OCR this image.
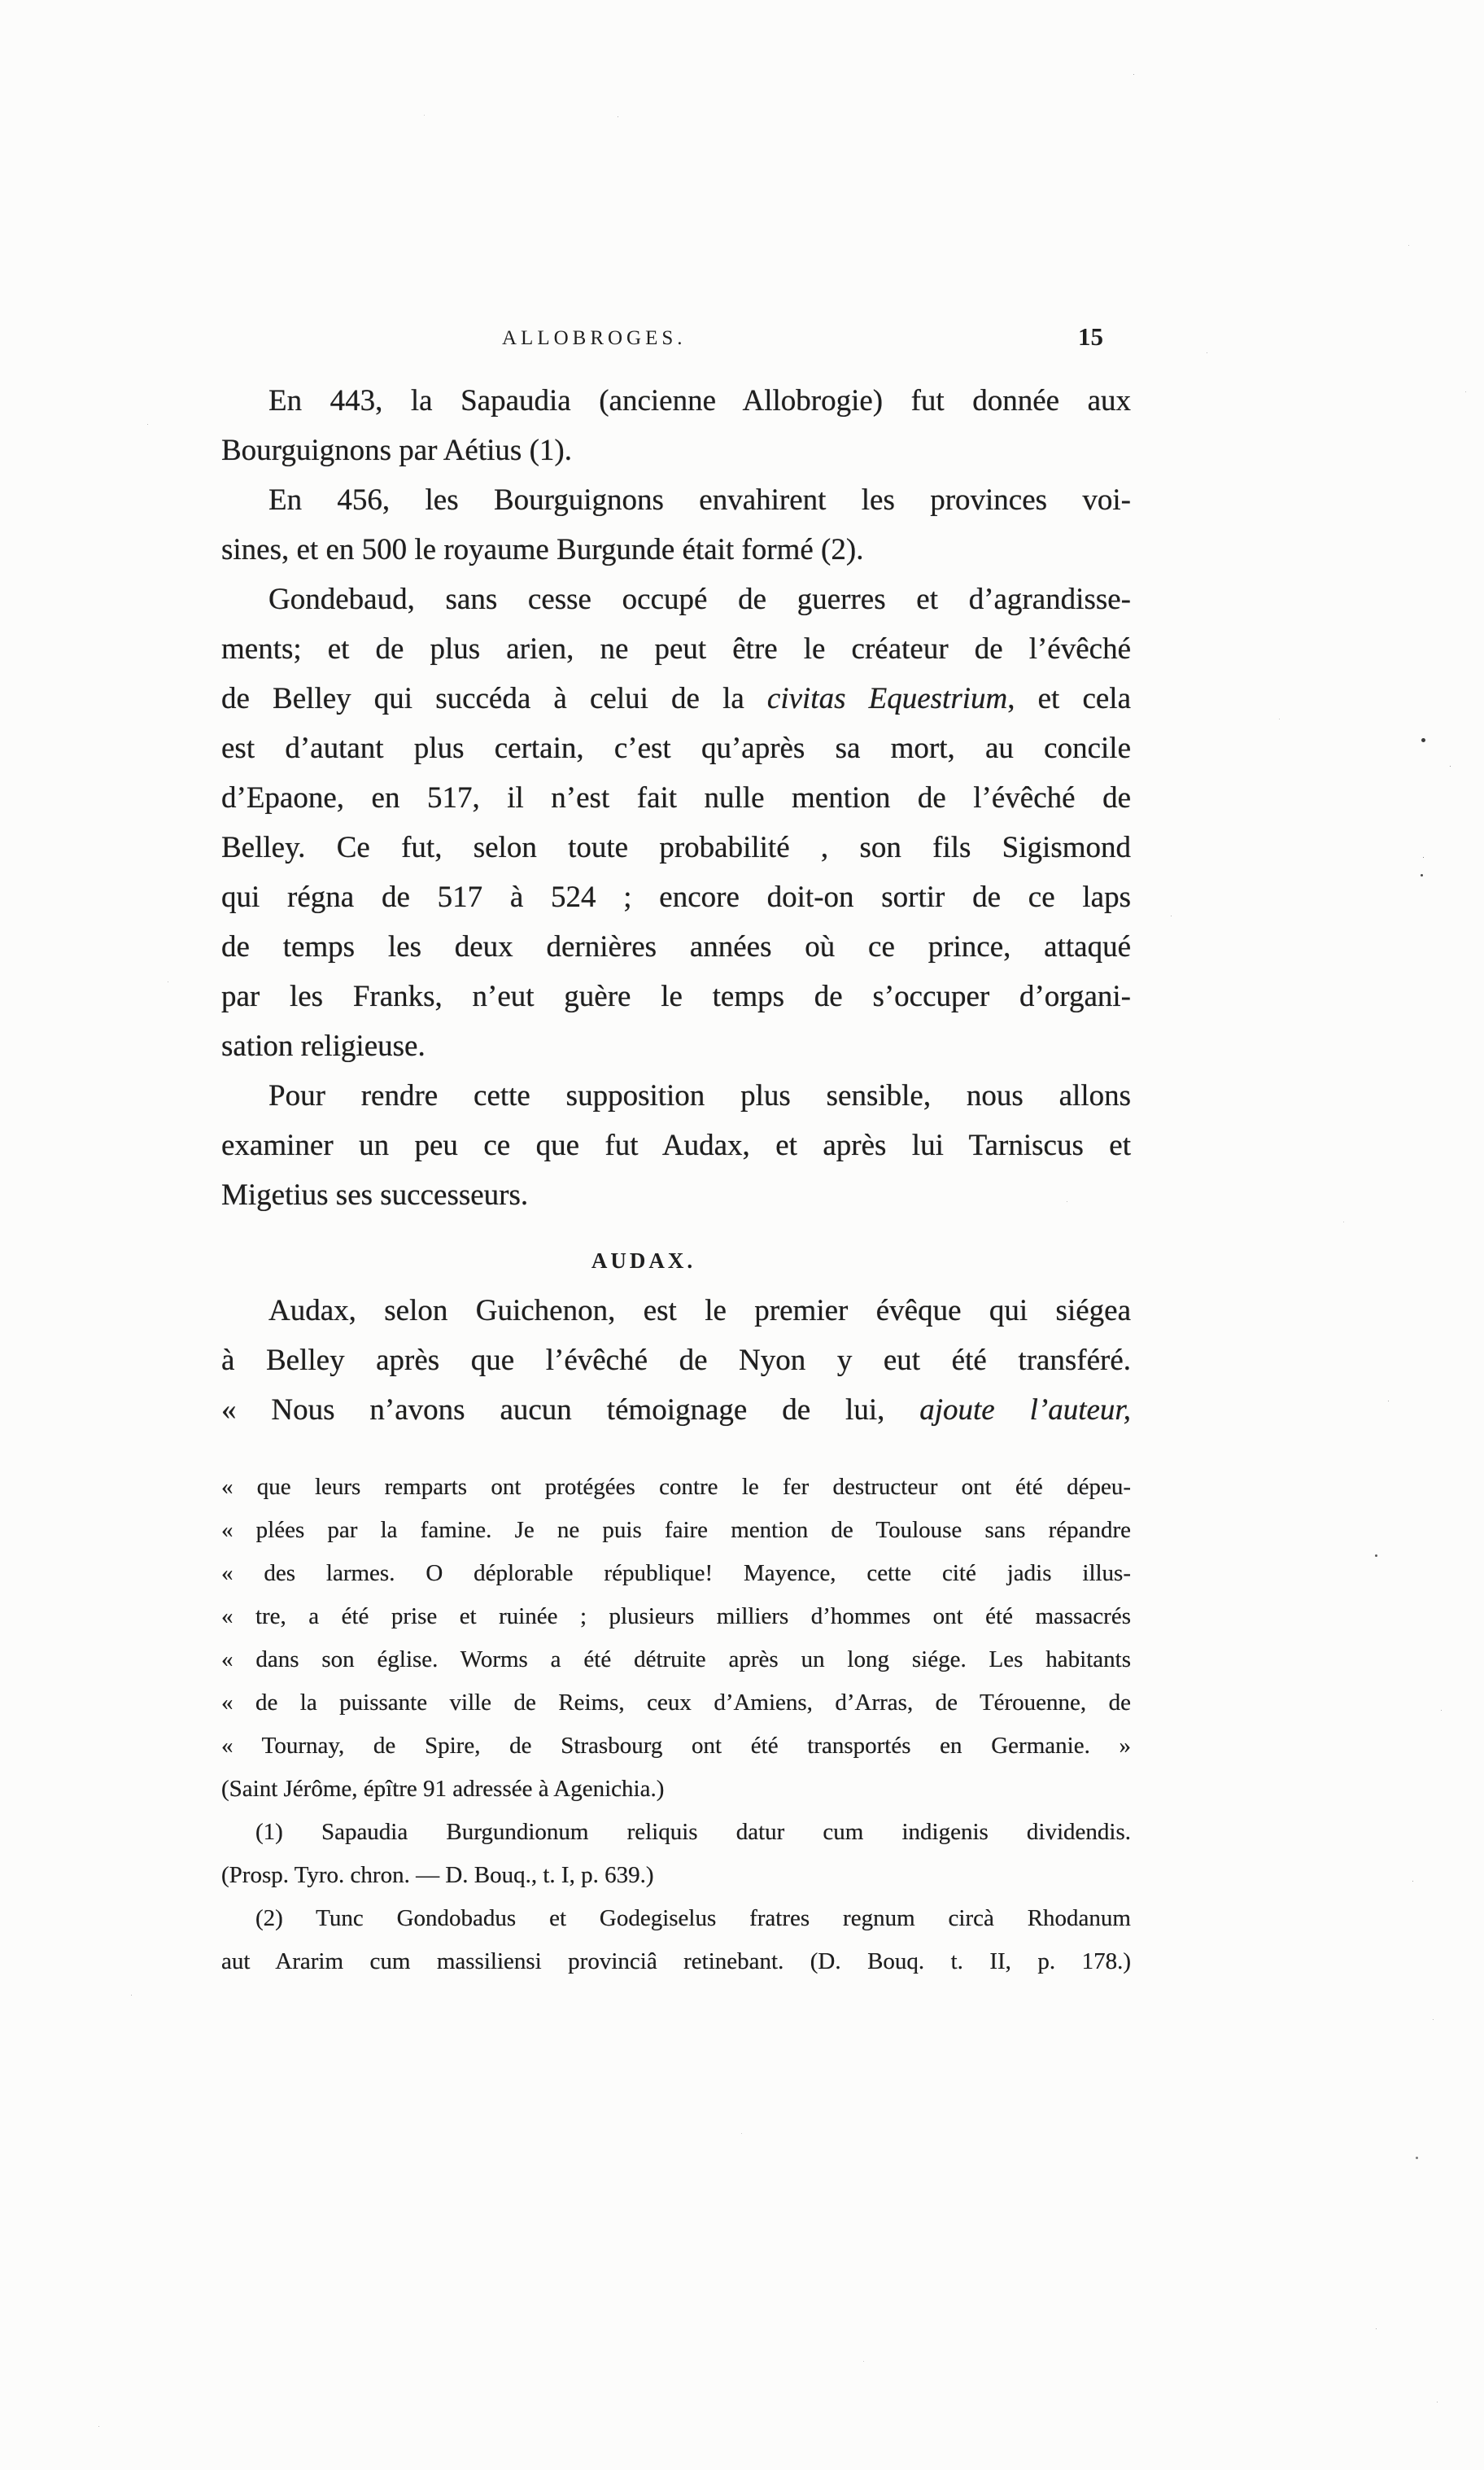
ALLOBROGES.	15
En 443, la Sapaudia (ancienne Allobrogie) fut donnée aux
Bourguignons par Aétius (1).
En 456, les Bourguignons envahirent les provinces voi-
sines, et en 500 le royaume Burgunde était formé (2).
Gondebaud, sans cesse occupé de guerres et d’agrandisse-
ments; et de plus arien, ne peut être le créateur de l’évêché
de Belley qui succéda à celui de la civitas Equestrium, et cela
est d’autant plus certain, c’est qu’après sa mort, au concile
d’Epaone, en 517, il n’est fait nulle mention de l’évêché de
Belley. Ce fut, selon toute probabilité , son fils Sigismond
qui régna de 517 à 524 ; encore doit-on sortir de ce laps
de temps les deux dernières années où ce prince, attaqué
par les Franks, n’eut guère le temps de s’occuper d’organi-
sation religieuse.
Pour rendre cette supposition plus sensible, nous allons
examiner un peu ce que fut Audax, et après lui Tarniscus et
Migetius ses successeurs.
AUDAX.
Audax, selon Guichenon, est le premier évêque qui siégea
à Belley après que l’évêché de Nyon y eut été transféré.
« Nous n’avons aucun témoignage de lui, ajoute l’auteur,
« que leurs remparts ont protégées contre le fer destructeur ont été dépeu-
« plées par la famine. Je ne puis faire mention de Toulouse sans répandre
« des larmes. O déplorable république! Mayence, cette cité jadis illus-
« tre, a été prise et ruinée ; plusieurs milliers d’hommes ont été massacrés
« dans son église. Worms a été détruite après un long siége. Les habitants
« de la puissante ville de Reims, ceux d’Amiens, d’Arras, de Térouenne, de
« Tournay, de Spire, de Strasbourg ont été transportés en Germanie. »
(Saint Jérôme, épître 91 adressée à Agenichia.)
(1) Sapaudia Burgundionum reliquis datur cum indigenis dividendis.
(Prosp. Tyro. chron. — D. Bouq., t. I, p. 639.)
(2) Tunc Gondobadus et Godegiselus fratres regnum circà Rhodanum
aut Ararim cum massiliensi provinciâ retinebant. (D. Bouq. t. II, p. 178.)
